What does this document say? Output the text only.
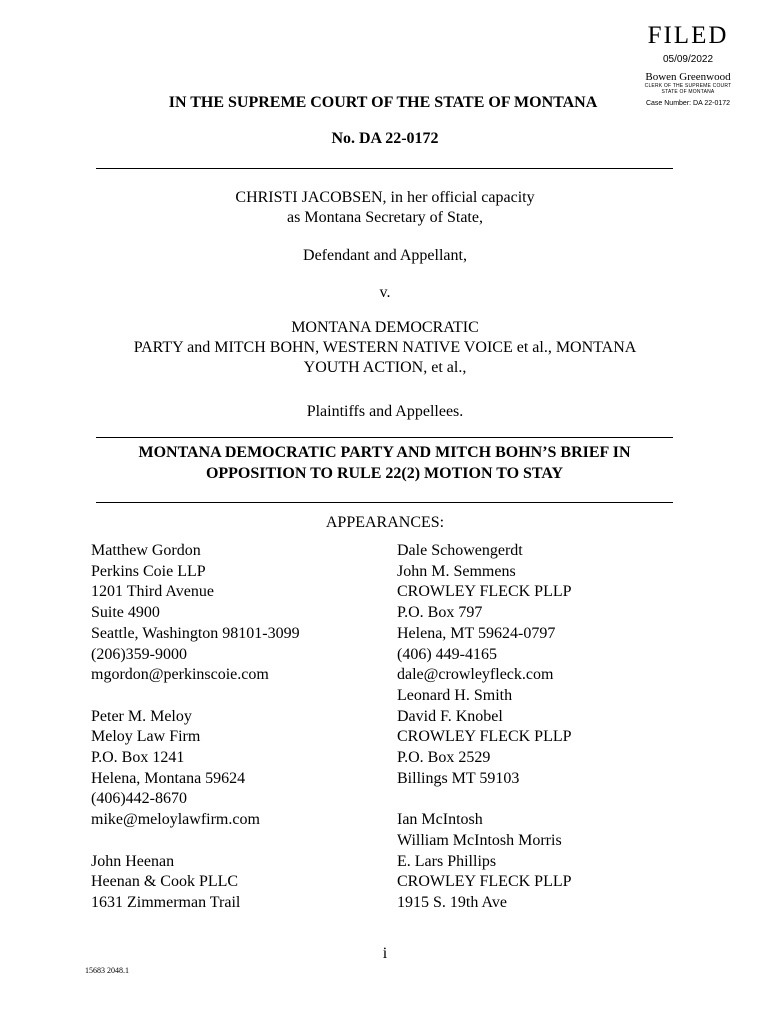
FILED
05/09/2022
Bowen Greenwood
CLERK OF THE SUPREME COURT
STATE OF MONTANA
Case Number: DA 22-0172
IN THE SUPREME COURT OF THE STATE OF MONTANA
No. DA 22-0172
CHRISTI JACOBSEN, in her official capacity
as Montana Secretary of State,
Defendant and Appellant,
v.
MONTANA DEMOCRATIC
PARTY and MITCH BOHN, WESTERN NATIVE VOICE et al., MONTANA
YOUTH ACTION, et al.,
Plaintiffs and Appellees.
MONTANA DEMOCRATIC PARTY AND MITCH BOHN’S BRIEF IN
OPPOSITION TO RULE 22(2) MOTION TO STAY
APPEARANCES:
Matthew Gordon
Perkins Coie LLP
1201 Third Avenue
Suite 4900
Seattle, Washington 98101-3099
(206)359-9000
mgordon@perkinscoie.com
Peter M. Meloy
Meloy Law Firm
P.O. Box 1241
Helena, Montana 59624
(406)442-8670
mike@meloylawfirm.com
John Heenan
Heenan & Cook PLLC
1631 Zimmerman Trail
Dale Schowengerdt
John M. Semmens
CROWLEY FLECK PLLP
P.O. Box 797
Helena, MT 59624-0797
(406) 449-4165
dale@crowleyfleck.com
Leonard H. Smith
David F. Knobel
CROWLEY FLECK PLLP
P.O. Box 2529
Billings MT 59103
Ian McIntosh
William McIntosh Morris
E. Lars Phillips
CROWLEY FLECK PLLP
1915 S. 19th Ave
i
15683 2048.1
